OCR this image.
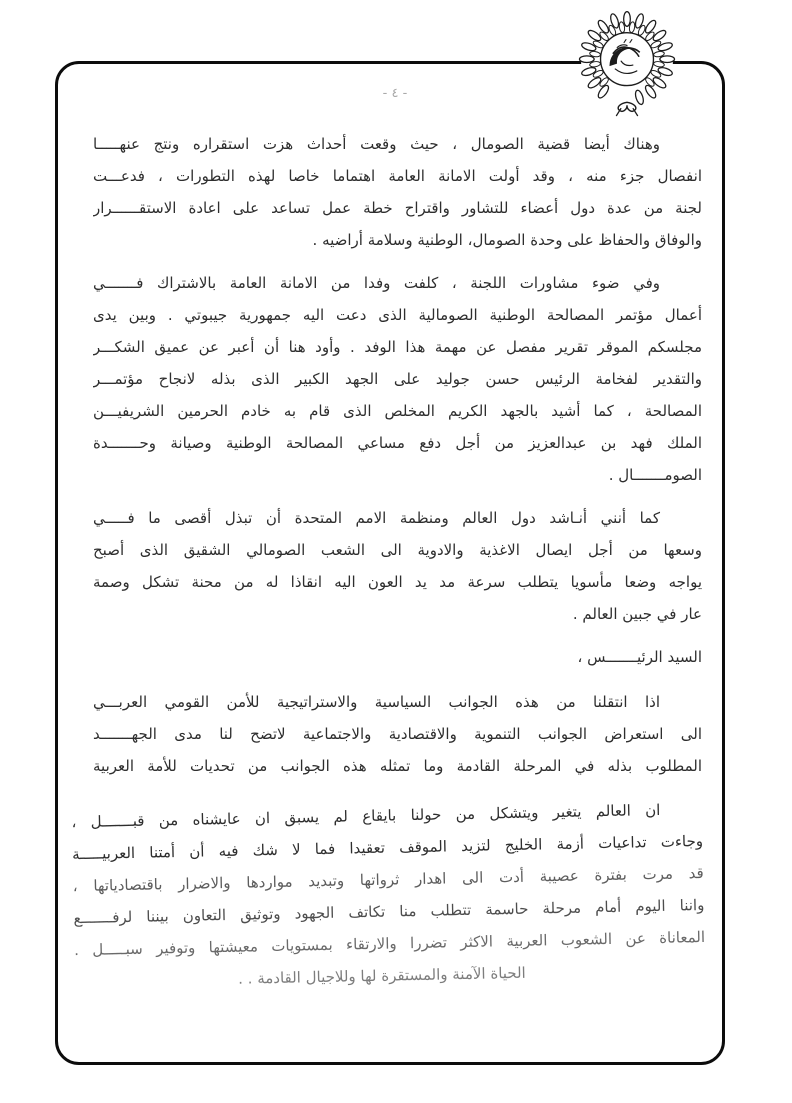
- ٤ -
وهناك أيضا قضية الصومال ، حيث وقعت أحداث هزت استقراره ونتج عنهـــــا
انفصال جزء منه ، وقد أولت الامانة العامة اهتماما خاصا لهذه التطورات ، فدعـــت
لجنة من عدة دول أعضاء للتشاور واقتراح خطة عمل تساعد على اعادة الاستقــــــرار
والوفاق والحفاظ على وحدة الصومال، الوطنية وسلامة أراضيه .
وفي ضوء مشاورات اللجنة ، كلفت وفدا من الامانة العامة بالاشتراك فـــــــي
أعمال مؤتمر المصالحة الوطنية الصومالية الذى دعت اليه جمهورية جيبوتي . وبين يدى
مجلسكم الموقر تقرير مفصل عن مهمة هذا الوفد . وأود هنا أن أعبر عن عميق الشكـــر
والتقدير لفخامة الرئيس حسن جوليد على الجهد الكبير الذى بذله لانجاح مؤتمـــر
المصالحة ، كما أشيد بالجهد الكريم المخلص الذى قام به خادم الحرمين الشريفيـــن
الملك فهد بن عبدالعزيز من أجل دفع مساعي المصالحة الوطنية وصيانة وحـــــــدة
الصومـــــــال .
كما أنني أنـاشد دول العالم ومنظمة الامم المتحدة أن تبذل أقصى ما فـــــي
وسعها من أجل ايصال الاغذية والادوية الى الشعب الصومالي الشقيق الذى أصبح
يواجه وضعا مأسويا يتطلب سرعة مد يد العون اليه انقاذا له من محنة تشكل وصمة
عار في جبين العالم .
السيد الرئيـــــــس ،
اذا انتقلنا من هذه الجوانب السياسية والاستراتيجية للأمن القومي العربـــي
الى استعراض الجوانب التنموية والاقتصادية والاجتماعية لاتضح لنا مدى الجهـــــــد
المطلوب بذله في المرحلة القادمة وما تمثله هذه الجوانب من تحديات للأمة العربية
ان العالم يتغير ويتشكل من حولنا بايقاع لم يسبق ان عايشناه من قبـــــــل ،
وجاءت تداعيات أزمة الخليج لتزيد الموقف تعقيدا فما لا شك فيه أن أمتنا العربيـــــة
قد مرت بفترة عصيبة أدت الى اهدار ثرواتها وتبديد مواردها والاضرار باقتصادياتها ،
واننا اليوم أمام مرحلة حاسمة تتطلب منا تكاتف الجهود وتوثيق التعاون بيننا لرفـــــــع
المعاناة عن الشعوب العربية الاكثر تضررا والارتقاء بمستويات معيشتها وتوفير سبـــــل .
الحياة الآمنة والمستقرة لها وللاجيال القادمة . .
